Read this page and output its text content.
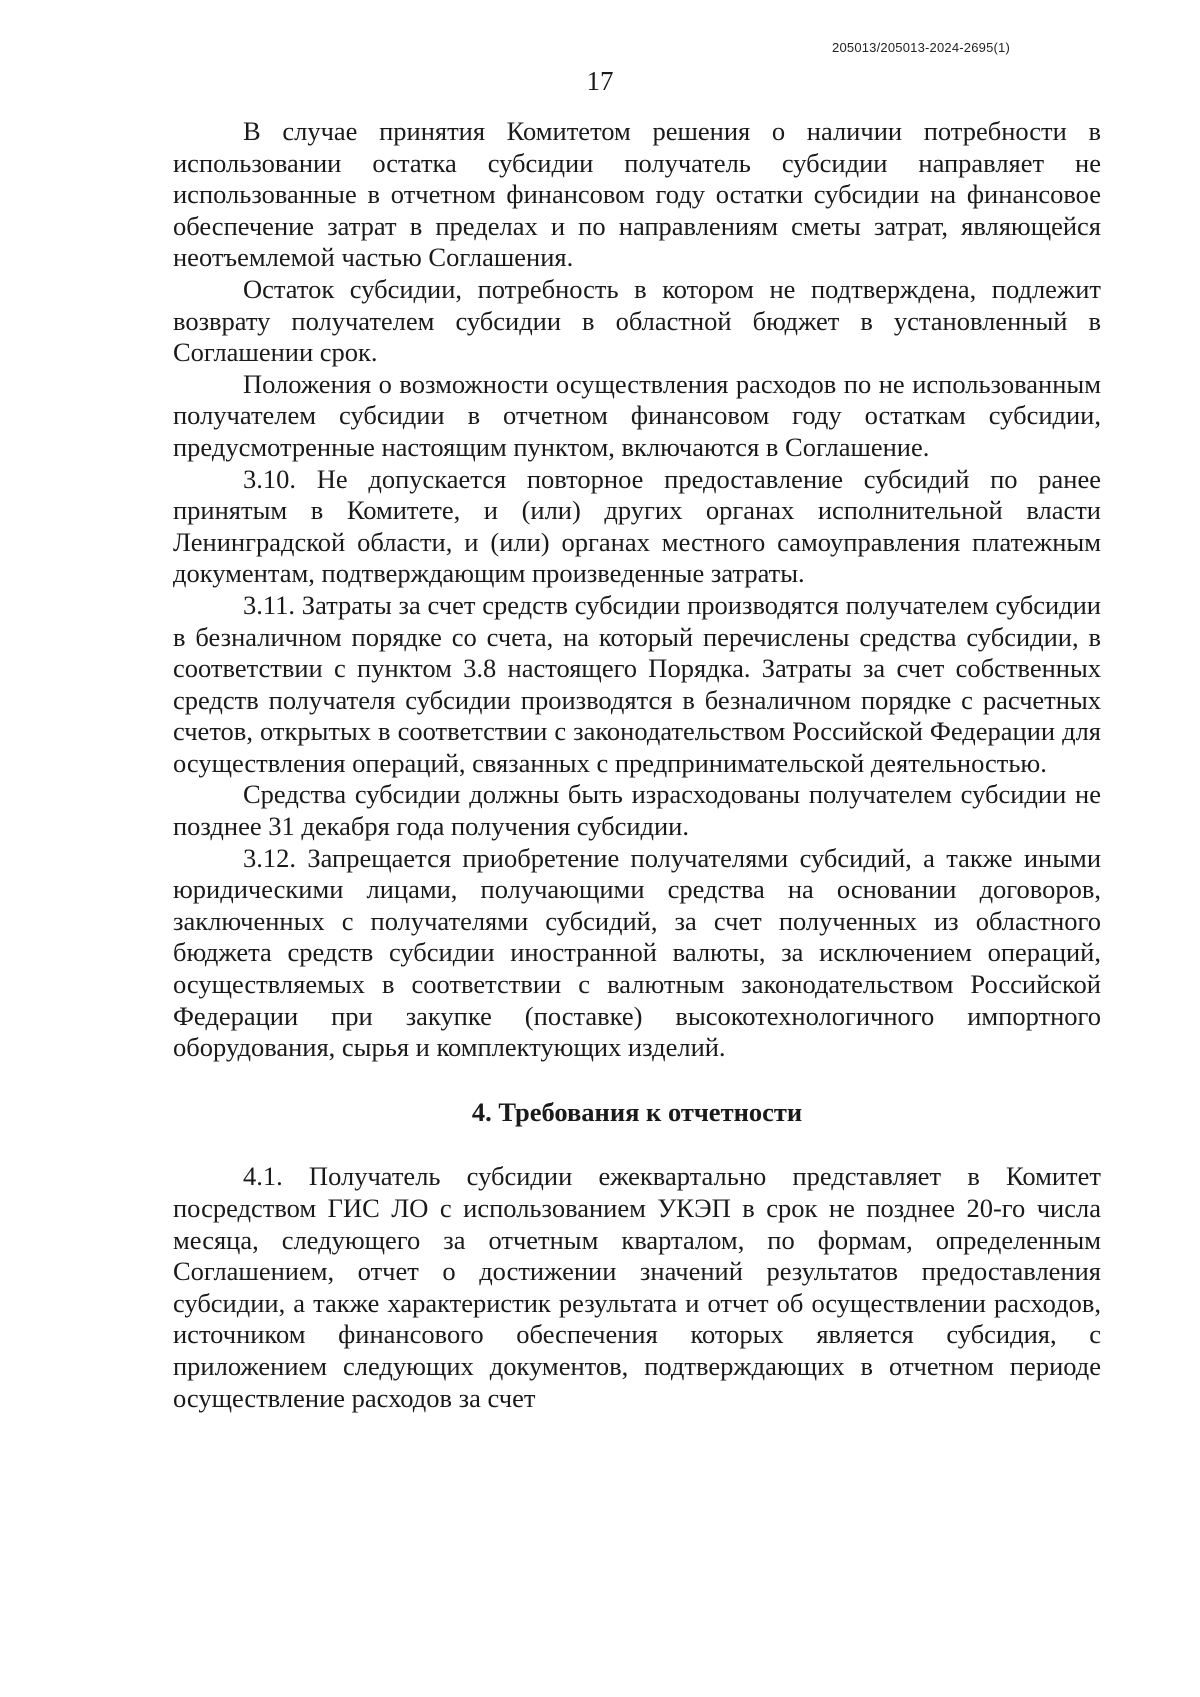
205013/205013-2024-2695(1)
17

В случае принятия Комитетом решения о наличии потребности в использовании остатка субсидии получатель субсидии направляет не использованные в отчетном финансовом году остатки субсидии на финансовое обеспечение затрат в пределах и по направлениям сметы затрат, являющейся неотъемлемой частью Соглашения.

Остаток субсидии, потребность в котором не подтверждена, подлежит возврату получателем субсидии в областной бюджет в установленный в Соглашении срок.

Положения о возможности осуществления расходов по не использованным получателем субсидии в отчетном финансовом году остаткам субсидии, предусмотренные настоящим пунктом, включаются в Соглашение.

3.10. Не допускается повторное предоставление субсидий по ранее принятым в Комитете, и (или) других органах исполнительной власти Ленинградской области, и (или) органах местного самоуправления платежным документам, подтверждающим произведенные затраты.

3.11. Затраты за счет средств субсидии производятся получателем субсидии в безналичном порядке со счета, на который перечислены средства субсидии, в соответствии с пунктом 3.8 настоящего Порядка. Затраты за счет собственных средств получателя субсидии производятся в безналичном порядке с расчетных счетов, открытых в соответствии с законодательством Российской Федерации для осуществления операций, связанных с предпринимательской деятельностью.

Средства субсидии должны быть израсходованы получателем субсидии не позднее 31 декабря года получения субсидии.

3.12. Запрещается приобретение получателями субсидий, а также иными юридическими лицами, получающими средства на основании договоров, заключенных с получателями субсидий, за счет полученных из областного бюджета средств субсидии иностранной валюты, за исключением операций, осуществляемых в соответствии с валютным законодательством Российской Федерации при закупке (поставке) высокотехнологичного импортного оборудования, сырья и комплектующих изделий.

4. Требования к отчетности

4.1. Получатель субсидии ежеквартально представляет в Комитет посредством ГИС ЛО с использованием УКЭП в срок не позднее 20-го числа месяца, следующего за отчетным кварталом, по формам, определенным Соглашением, отчет о достижении значений результатов предоставления субсидии, а также характеристик результата и отчет об осуществлении расходов, источником финансового обеспечения которых является субсидия, с приложением следующих документов, подтверждающих в отчетном периоде осуществление расходов за счет
